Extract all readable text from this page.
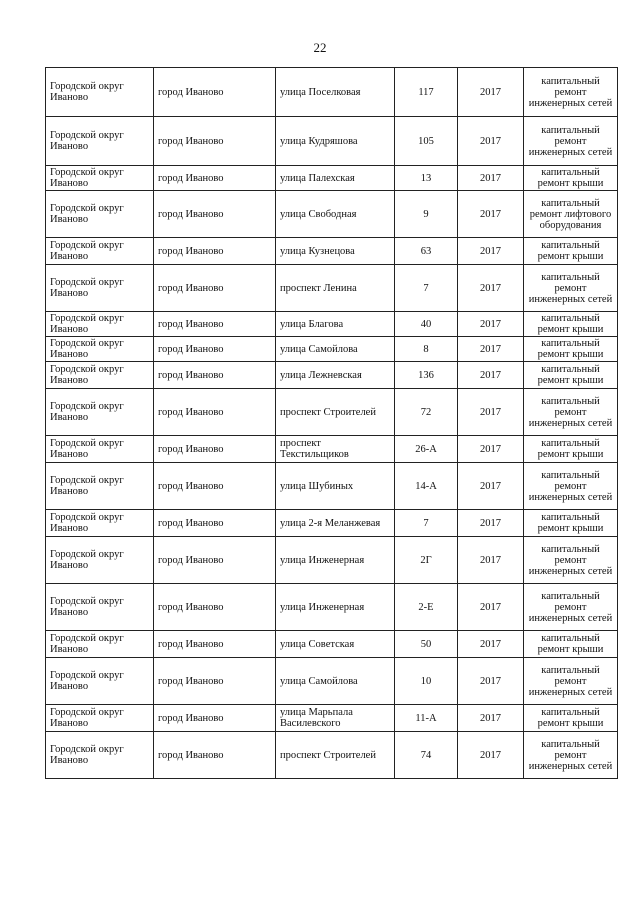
22
Городской округ Иваново	город Иваново	улица Поселковая	117	2017	капитальный ремонт инженерных сетей
Городской округ Иваново	город Иваново	улица Кудряшова	105	2017	капитальный ремонт инженерных сетей
Городской округ Иваново	город Иваново	улица Палехская	13	2017	капитальный ремонт крыши
Городской округ Иваново	город Иваново	улица Свободная	9	2017	капитальный ремонт лифтового оборудования
Городской округ Иваново	город Иваново	улица Кузнецова	63	2017	капитальный ремонт крыши
Городской округ Иваново	город Иваново	проспект Ленина	7	2017	капитальный ремонт инженерных сетей
Городской округ Иваново	город Иваново	улица Благова	40	2017	капитальный ремонт крыши
Городской округ Иваново	город Иваново	улица Самойлова	8	2017	капитальный ремонт крыши
Городской округ Иваново	город Иваново	улица Лежневская	136	2017	капитальный ремонт крыши
Городской округ Иваново	город Иваново	проспект Строителей	72	2017	капитальный ремонт инженерных сетей
Городской округ Иваново	город Иваново	проспект Текстильщиков	26-А	2017	капитальный ремонт крыши
Городской округ Иваново	город Иваново	улица Шубиных	14-А	2017	капитальный ремонт инженерных сетей
Городской округ Иваново	город Иваново	улица 2-я Меланжевая	7	2017	капитальный ремонт крыши
Городской округ Иваново	город Иваново	улица Инженерная	2Г	2017	капитальный ремонт инженерных сетей
Городской округ Иваново	город Иваново	улица Инженерная	2-Е	2017	капитальный ремонт инженерных сетей
Городской округ Иваново	город Иваново	улица Советская	50	2017	капитальный ремонт крыши
Городской округ Иваново	город Иваново	улица Самойлова	10	2017	капитальный ремонт инженерных сетей
Городской округ Иваново	город Иваново	улица Марьпала Василевского	11-А	2017	капитальный ремонт крыши
Городской округ Иваново	город Иваново	проспект Строителей	74	2017	капитальный ремонт инженерных сетей
